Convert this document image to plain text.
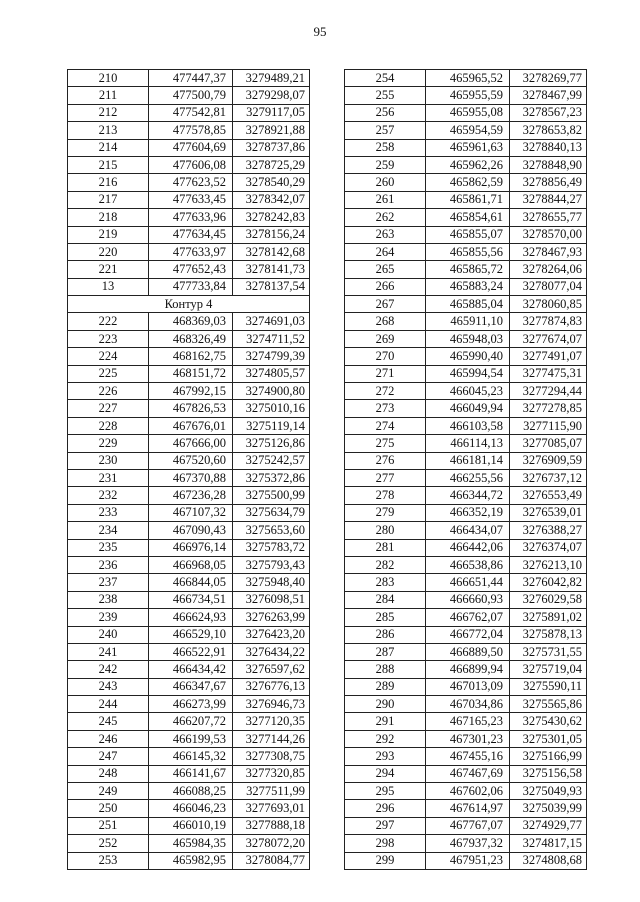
95
210	477447,37	3279489,21
211	477500,79	3279298,07
212	477542,81	3279117,05
213	477578,85	3278921,88
214	477604,69	3278737,86
215	477606,08	3278725,29
216	477623,52	3278540,29
217	477633,45	3278342,07
218	477633,96	3278242,83
219	477634,45	3278156,24
220	477633,97	3278142,68
221	477652,43	3278141,73
13	477733,84	3278137,54
Контур 4		
222	468369,03	3274691,03
223	468326,49	3274711,52
224	468162,75	3274799,39
225	468151,72	3274805,57
226	467992,15	3274900,80
227	467826,53	3275010,16
228	467676,01	3275119,14
229	467666,00	3275126,86
230	467520,60	3275242,57
231	467370,88	3275372,86
232	467236,28	3275500,99
233	467107,32	3275634,79
234	467090,43	3275653,60
235	466976,14	3275783,72
236	466968,05	3275793,43
237	466844,05	3275948,40
238	466734,51	3276098,51
239	466624,93	3276263,99
240	466529,10	3276423,20
241	466522,91	3276434,22
242	466434,42	3276597,62
243	466347,67	3276776,13
244	466273,99	3276946,73
245	466207,72	3277120,35
246	466199,53	3277144,26
247	466145,32	3277308,75
248	466141,67	3277320,85
249	466088,25	3277511,99
250	466046,23	3277693,01
251	466010,19	3277888,18
252	465984,35	3278072,20
253	465982,95	3278084,77
254	465965,52	3278269,77
255	465955,59	3278467,99
256	465955,08	3278567,23
257	465954,59	3278653,82
258	465961,63	3278840,13
259	465962,26	3278848,90
260	465862,59	3278856,49
261	465861,71	3278844,27
262	465854,61	3278655,77
263	465855,07	3278570,00
264	465855,56	3278467,93
265	465865,72	3278264,06
266	465883,24	3278077,04
267	465885,04	3278060,85
268	465911,10	3277874,83
269	465948,03	3277674,07
270	465990,40	3277491,07
271	465994,54	3277475,31
272	466045,23	3277294,44
273	466049,94	3277278,85
274	466103,58	3277115,90
275	466114,13	3277085,07
276	466181,14	3276909,59
277	466255,56	3276737,12
278	466344,72	3276553,49
279	466352,19	3276539,01
280	466434,07	3276388,27
281	466442,06	3276374,07
282	466538,86	3276213,10
283	466651,44	3276042,82
284	466660,93	3276029,58
285	466762,07	3275891,02
286	466772,04	3275878,13
287	466889,50	3275731,55
288	466899,94	3275719,04
289	467013,09	3275590,11
290	467034,86	3275565,86
291	467165,23	3275430,62
292	467301,23	3275301,05
293	467455,16	3275166,99
294	467467,69	3275156,58
295	467602,06	3275049,93
296	467614,97	3275039,99
297	467767,07	3274929,77
298	467937,32	3274817,15
299	467951,23	3274808,68
